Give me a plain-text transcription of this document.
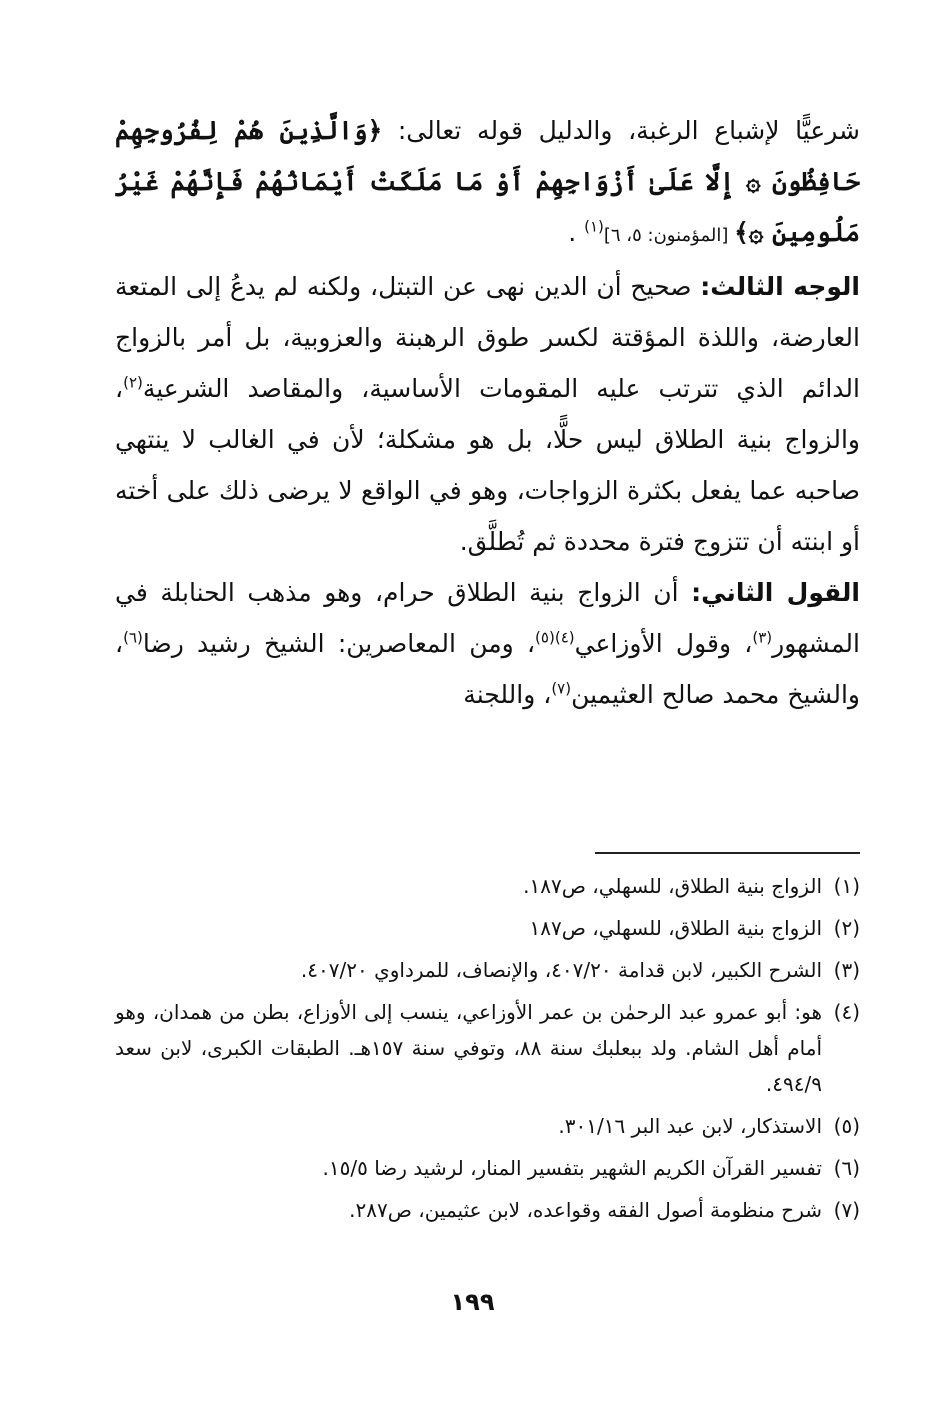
شرعيًّا لإشباع الرغبة، والدليل قوله تعالى: ﴿وَالَّذِينَ هُمْ لِفُرُوجِهِمْ حَافِظُونَ ۞ إِلَّا عَلَىٰ أَزْوَاجِهِمْ أَوْ مَا مَلَكَتْ أَيْمَانُهُمْ فَإِنَّهُمْ غَيْرُ مَلُومِينَ ۞﴾ [المؤمنون: ٥، ٦]$^{(١)}$ .

الوجه الثالث: صحيح أن الدين نهى عن التبتل، ولكنه لم يدعُ إلى المتعة العارضة، واللذة المؤقتة لكسر طوق الرهبنة والعزوبية، بل أمر بالزواج الدائم الذي تترتب عليه المقومات الأساسية، والمقاصد الشرعية$^{(٢)}$، والزواج بنية الطلاق ليس حلًّا، بل هو مشكلة؛ لأن في الغالب لا ينتهي صاحبه عما يفعل بكثرة الزواجات، وهو في الواقع لا يرضى ذلك على أخته أو ابنته أن تتزوج فترة محددة ثم تُطلَّق.

القول الثاني: أن الزواج بنية الطلاق حرام، وهو مذهب الحنابلة في المشهور$^{(٣)}$، وقول الأوزاعي$^{(٤)(٥)}$، ومن المعاصرين: الشيخ رشيد رضا$^{(٦)}$، والشيخ محمد صالح العثيمين$^{(٧)}$، واللجنة

(١)
الزواج بنية الطلاق، للسهلي، ص١٨٧.
(٢)
الزواج بنية الطلاق، للسهلي، ص١٨٧
(٣)
الشرح الكبير، لابن قدامة ٤٠٧/٢٠، والإنصاف، للمرداوي ٤٠٧/٢٠.
(٤)
هو: أبو عمرو عبد الرحمٰن بن عمر الأوزاعي، ينسب إلى الأوزاع، بطن من همدان، وهو أمام أهل الشام. ولد ببعلبك سنة ٨٨، وتوفي سنة ١٥٧هـ. الطبقات الكبرى، لابن سعد ٤٩٤/٩.
(٥)
الاستذكار، لابن عبد البر ٣٠١/١٦.
(٦)
تفسير القرآن الكريم الشهير بتفسير المنار، لرشيد رضا ١٥/٥.
(٧)
شرح منظومة أصول الفقه وقواعده، لابن عثيمين، ص٢٨٧.
١٩٩
